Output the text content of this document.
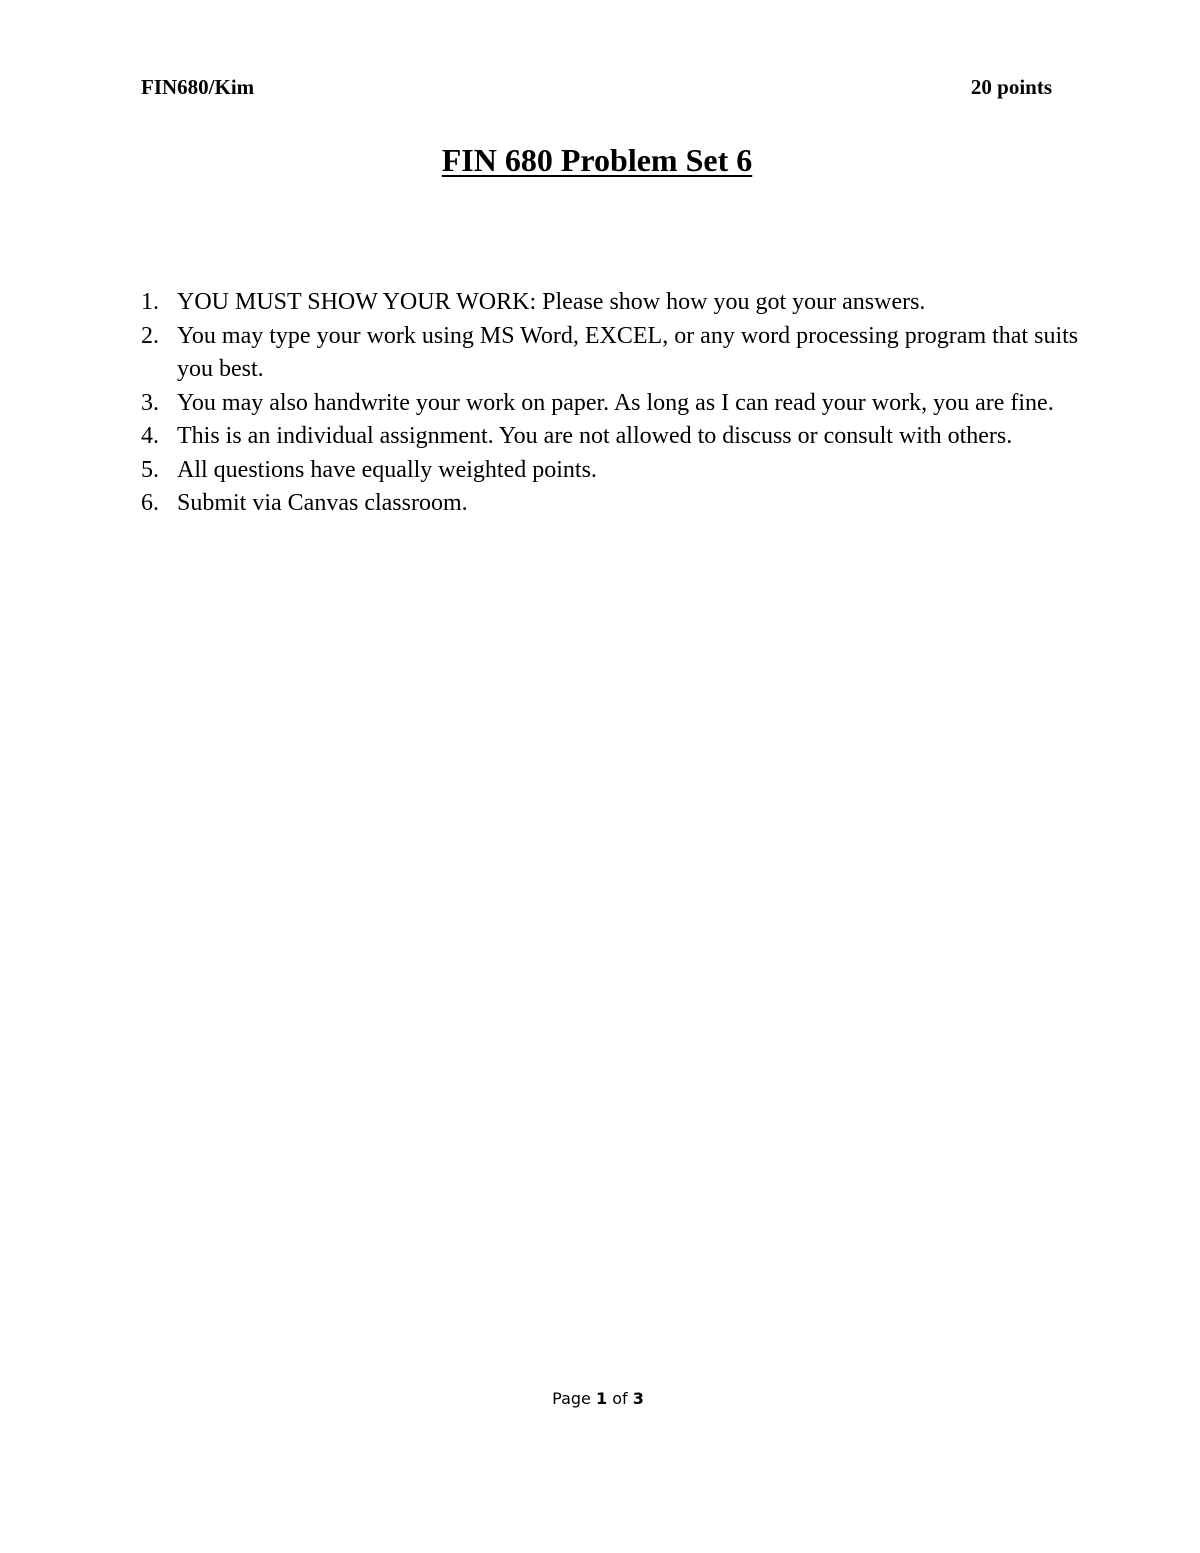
FIN680/Kim	20 points
FIN 680 Problem Set 6
1. YOU MUST SHOW YOUR WORK: Please show how you got your answers.
2. You may type your work using MS Word, EXCEL, or any word processing program that suits you best.
3. You may also handwrite your work on paper. As long as I can read your work, you are fine.
4. This is an individual assignment. You are not allowed to discuss or consult with others.
5. All questions have equally weighted points.
6. Submit via Canvas classroom.
Page 1 of 3
